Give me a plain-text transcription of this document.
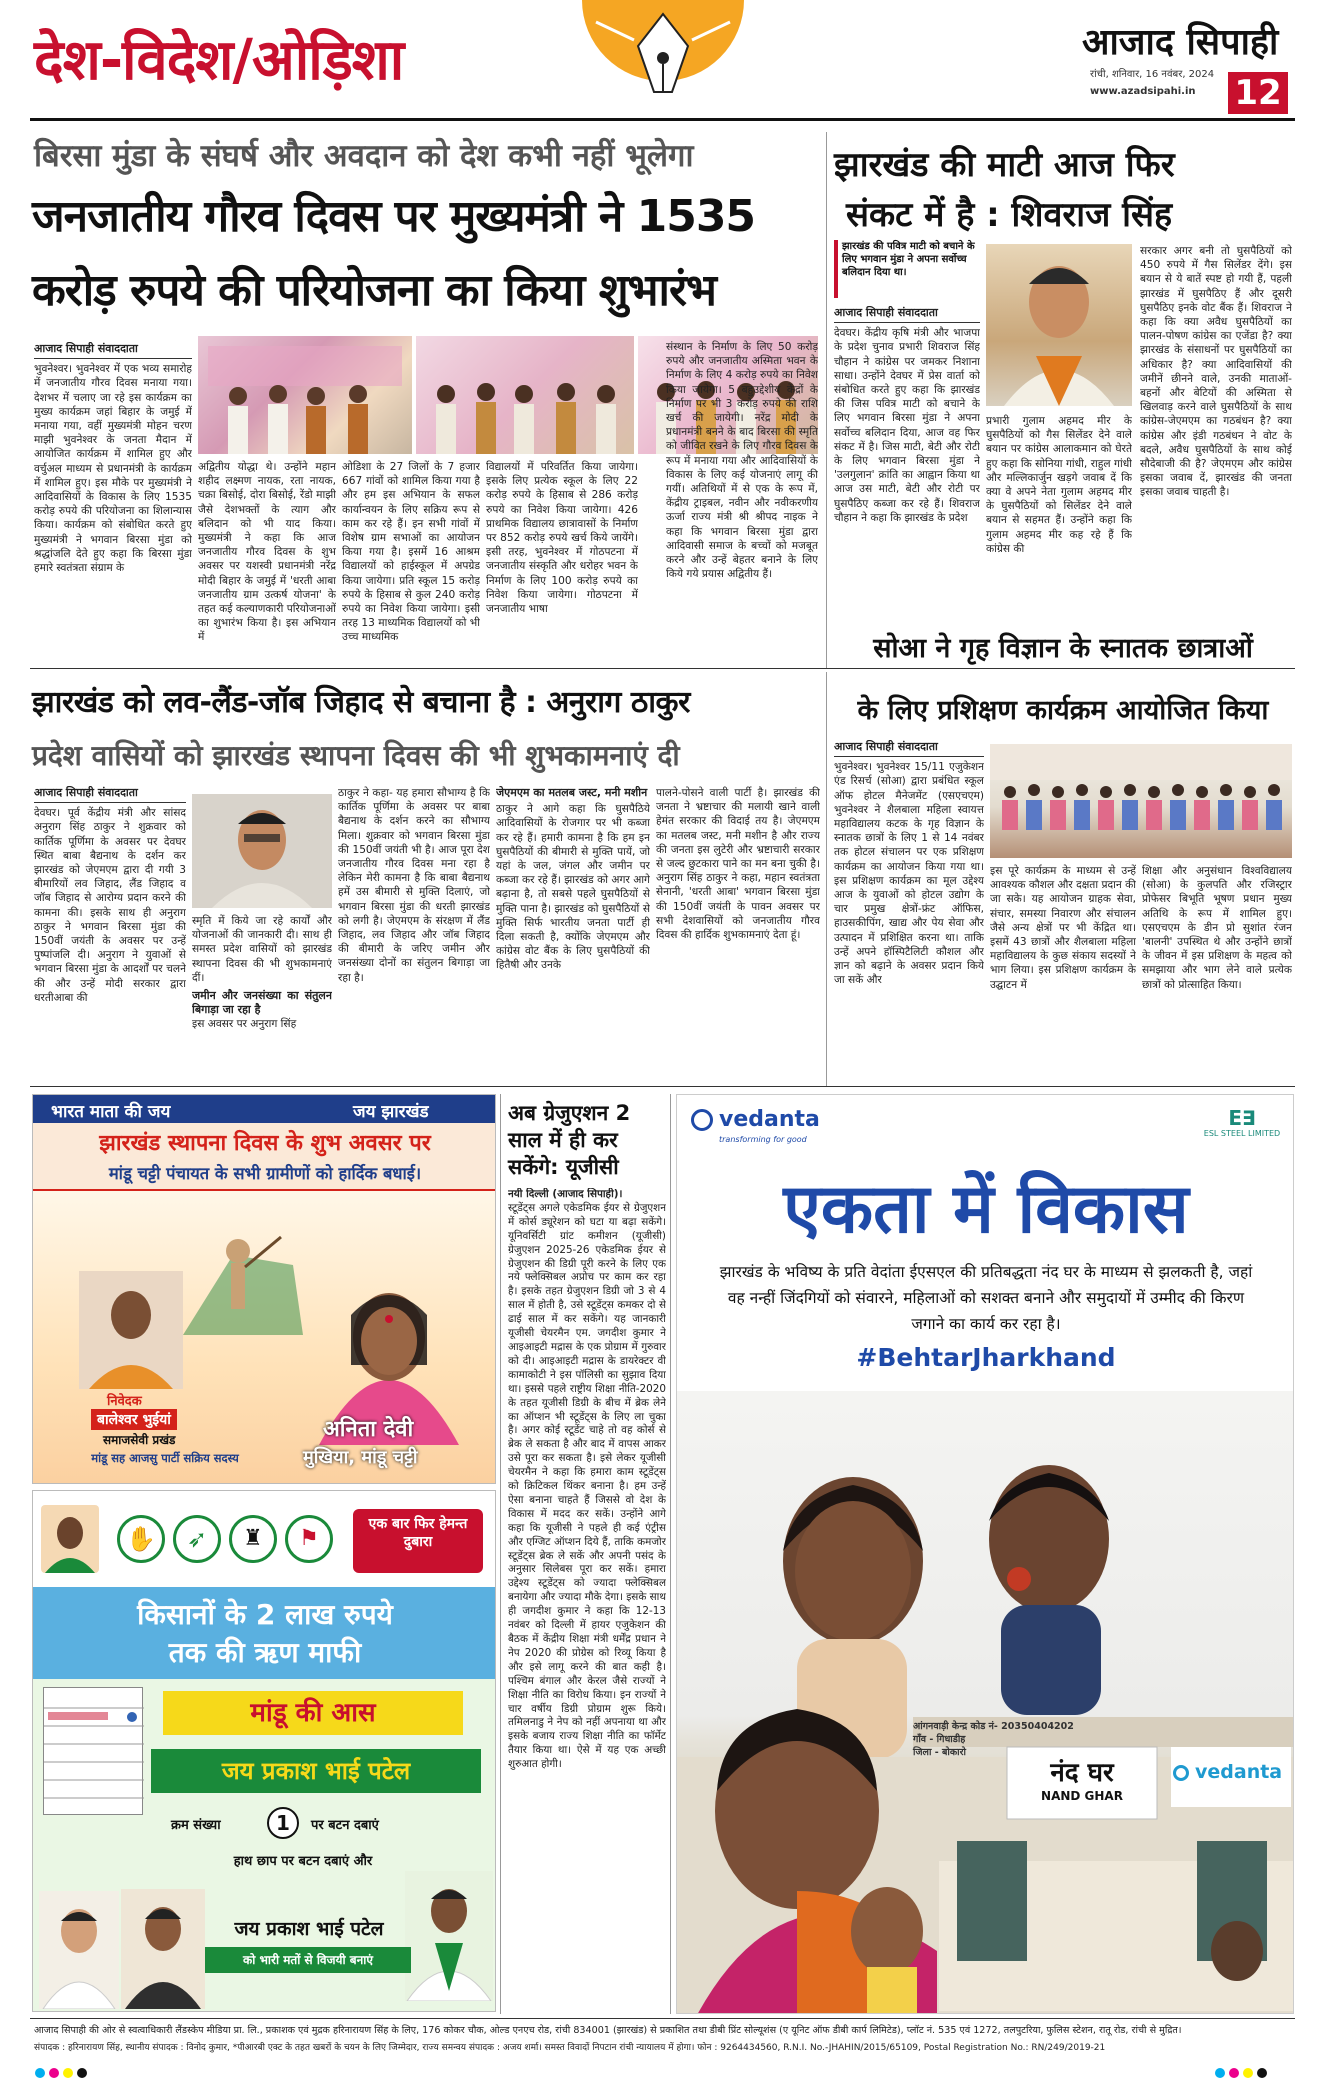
देश-विदेश/ओड़िशा	आजाद सिपाही
रांची, शनिवार, 16 नवंबर, 2024
www.azadsipahi.in 12
बिरसा मुंडा के संघर्ष और अवदान को देश कभी नहीं भूलेगा
जनजातीय गौरव दिवस पर मुख्यमंत्री ने 1535
करोड़ रुपये की परियोजना का किया शुभारंभ
आजाद सिपाही संवाददाता
भुवनेश्वर। भुवनेश्वर में एक भव्य समारोह में जनजातीय गौरव दिवस मनाया गया। देशभर में चलाए जा रहे इस कार्यक्रम का मुख्य कार्यक्रम जहां बिहार के जमुई में मनाया गया, वहीं मुख्यमंत्री मोहन चरण माझी भुवनेश्वर के जनता मैदान में आयोजित कार्यक्रम में शामिल हुए और वर्चुअल माध्यम से प्रधानमंत्री के कार्यक्रम में शामिल हुए। इस मौके पर मुख्यमंत्री ने आदिवासियों के विकास के लिए 1535 करोड़ रुपये की परियोजना का शिलान्यास किया। कार्यक्रम को संबोधित करते हुए मुख्यमंत्री ने भगवान बिरसा मुंडा को श्रद्धांजलि देते हुए कहा कि बिरसा मुंडा हमारे स्वतंत्रता संग्राम के
अद्वितीय योद्धा थे। उन्होंने महान शहीद लक्ष्मण नायक, रता नायक, चक्रा बिसोई, दोरा बिसोई, रेंडो माझी जैसे देशभक्तों के त्याग और बलिदान को भी याद किया। मुख्यमंत्री ने कहा कि आज जनजातीय गौरव दिवस के शुभ अवसर पर यशस्वी प्रधानमंत्री नरेंद्र मोदी बिहार के जमुई में 'धरती आबा जनजातीय ग्राम उत्कर्ष योजना' के तहत कई कल्याणकारी परियोजनाओं का शुभारंभ किया है। इस अभियान में
ओडिशा के 27 जिलों के 7 हजार 667 गांवों को शामिल किया गया है और हम इस अभियान के सफल कार्यान्वयन के लिए सक्रिय रूप से काम कर रहे हैं। इन सभी गांवों में विशेष ग्राम सभाओं का आयोजन किया गया है। इसमें 16 आश्रम विद्यालयों को हाईस्कूल में अपग्रेड किया जायेगा। प्रति स्कूल 15 करोड़ रुपये के हिसाब से कुल 240 करोड़ रुपये का निवेश किया जायेगा। इसी तरह 13 माध्यमिक विद्यालयों को भी उच्च माध्यमिक
विद्यालयों में परिवर्तित किया जायेगा। इसके लिए प्रत्येक स्कूल के लिए 22 करोड़ रुपये के हिसाब से 286 करोड़ रुपये का निवेश किया जायेगा। 426 प्राथमिक विद्यालय छात्रावासों के निर्माण पर 852 करोड़ रुपये खर्च किये जायेंगे। इसी तरह, भुवनेश्वर में गोठपटना में जनजातीय संस्कृति और धरोहर भवन के निर्माण के लिए 100 करोड़ रुपये का निवेश किया जायेगा। गोठपटना में जनजातीय भाषा
संस्थान के निर्माण के लिए 50 करोड़ रुपये और जनजातीय अस्मिता भवन के निर्माण के लिए 4 करोड़ रुपये का निवेश किया जायेगा। 5 बहुउद्देशीय केंद्रों के निर्माण पर भी 3 करोड़ रुपये की राशि खर्च की जायेगी। नरेंद्र मोदी के प्रधानमंत्री बनने के बाद बिरसा की स्मृति को जीवित रखने के लिए गौरव दिवस के रूप में मनाया गया और आदिवासियों के विकास के लिए कई योजनाएं लागू की गयीं। अतिथियों में से एक के रूप में, केंद्रीय ट्राइबल, नवीन और नवीकरणीय ऊर्जा राज्य मंत्री श्री श्रीपद नाइक ने कहा कि भगवान बिरसा मुंडा द्वारा आदिवासी समाज के बच्चों को मजबूत करने और उन्हें बेहतर बनाने के लिए किये गये प्रयास अद्वितीय हैं।
झारखंड की माटी आज फिर
संकट में है : शिवराज सिंह
झारखंड की पवित्र माटी को बचाने के लिए भगवान मुंडा ने अपना सर्वोच्च बलिदान दिया था।
आजाद सिपाही संवाददाता
देवघर। केंद्रीय कृषि मंत्री और भाजपा के प्रदेश चुनाव प्रभारी शिवराज सिंह चौहान ने कांग्रेस पर जमकर निशाना साधा। उन्होंने देवघर में प्रेस वार्ता को संबोधित करते हुए कहा कि झारखंड की जिस पवित्र माटी को बचाने के लिए भगवान बिरसा मुंडा ने अपना सर्वोच्च बलिदान दिया, आज वह फिर संकट में है। जिस माटी, बेटी और रोटी के लिए भगवान बिरसा मुंडा ने 'उलगुलान' क्रांति का आह्वान किया था आज उस माटी, बेटी और रोटी पर घुसपैठिए कब्जा कर रहे हैं। शिवराज चौहान ने कहा कि झारखंड के प्रदेश
प्रभारी गुलाम अहमद मीर के घुसपैठियों को गैस सिलेंडर देने वाले बयान पर कांग्रेस आलाकमान को घेरते हुए कहा कि सोनिया गांधी, राहुल गांधी और मल्लिकार्जुन खड़गे जवाब दें कि क्या वे अपने नेता गुलाम अहमद मीर के घुसपैठियों को सिलेंडर देने वाले बयान से सहमत हैं। उन्होंने कहा कि गुलाम अहमद मीर कह रहे हैं कि कांग्रेस की
सरकार अगर बनी तो घुसपैठियों को 450 रुपये में गैस सिलेंडर देंगे। इस बयान से ये बातें स्पष्ट हो गयी हैं, पहली झारखंड में घुसपैठिए हैं और दूसरी घुसपैठिए इनके वोट बैंक हैं। शिवराज ने कहा कि क्या अवैध घुसपैठियों का पालन-पोषण कांग्रेस का एजेंडा है? क्या झारखंड के संसाधनों पर घुसपैठियों का अधिकार है? क्या आदिवासियों की जमीनें छीनने वाले, उनकी माताओं-बहनों और बेटियों की अस्मिता से खिलवाड़ करने वाले घुसपैठियों के साथ कांग्रेस-जेएमएम का गठबंधन है? क्या कांग्रेस और इंडी गठबंधन ने वोट के बदले, अवैध घुसपैठियों के साथ कोई सौदेबाजी की है? जेएमएम और कांग्रेस इसका जवाब दें, झारखंड की जनता इसका जवाब चाहती है।
झारखंड को लव-लैंड-जॉब जिहाद से बचाना है : अनुराग ठाकुर
प्रदेश वासियों को झारखंड स्थापना दिवस की भी शुभकामनाएं दी
आजाद सिपाही संवाददाता
देवघर। पूर्व केंद्रीय मंत्री और सांसद अनुराग सिंह ठाकुर ने शुक्रवार को कार्तिक पूर्णिमा के अवसर पर देवघर स्थित बाबा बैद्यनाथ के दर्शन कर झारखंड को जेएमएम द्वारा दी गयी 3 बीमारियों लव जिहाद, लैंड जिहाद व जॉब जिहाद से आरोग्य प्रदान करने की कामना की। इसके साथ ही अनुराग ठाकुर ने भगवान बिरसा मुंडा की 150वीं जयंती के अवसर पर उन्हें पुष्पांजलि दी। अनुराग ने युवाओं से भगवान बिरसा मुंडा के आदर्शों पर चलने की और उन्हें मोदी सरकार द्वारा धरतीआबा की
स्मृति में किये जा रहे कार्यों और योजनाओं की जानकारी दी। साथ ही समस्त प्रदेश वासियों को झारखंड स्थापना दिवस की भी शुभकामनाएं दीं।
जमीन और जनसंख्या का संतुलन बिगाड़ा जा रहा है
इस अवसर पर अनुराग सिंह
ठाकुर ने कहा- यह हमारा सौभाग्य है कि कार्तिक पूर्णिमा के अवसर पर बाबा बैद्यनाथ के दर्शन करने का सौभाग्य मिला। शुक्रवार को भगवान बिरसा मुंडा की 150वीं जयंती भी है। आज पूरा देश जनजातीय गौरव दिवस मना रहा है लेकिन मेरी कामना है कि बाबा बैद्यनाथ हमें उस बीमारी से मुक्ति दिलाएं, जो भगवान बिरसा मुंडा की धरती झारखंड को लगी है। जेएमएम के संरक्षण में लैंड जिहाद, लव जिहाद और जॉब जिहाद की बीमारी के जरिए जमीन और जनसंख्या दोनों का संतुलन बिगाड़ा जा रहा है।
जेएमएम का मतलब जस्ट, मनी मशीन
ठाकुर ने आगे कहा कि घुसपैठिये आदिवासियों के रोजगार पर भी कब्जा कर रहे हैं। हमारी कामना है कि हम इन घुसपैठियों की बीमारी से मुक्ति पायें, जो यहां के जल, जंगल और जमीन पर कब्जा कर रहे हैं। झारखंड को अगर आगे बढ़ाना है, तो सबसे पहले घुसपैठियों से मुक्ति पाना है। झारखंड को घुसपैठियों से मुक्ति सिर्फ भारतीय जनता पार्टी ही दिला सकती है, क्योंकि जेएमएम और कांग्रेस वोट बैंक के लिए घुसपैठियों की हितैषी और उनके
पालने-पोसने वाली पार्टी है। झारखंड की जनता ने भ्रष्टाचार की मलायी खाने वाली हेमंत सरकार की विदाई तय है। जेएमएम का मतलब जस्ट, मनी मशीन है और राज्य की जनता इस लुटेरी और भ्रष्टाचारी सरकार से जल्द छुटकारा पाने का मन बना चुकी है। अनुराग सिंह ठाकुर ने कहा, महान स्वतंत्रता सेनानी, 'धरती आबा' भगवान बिरसा मुंडा की 150वीं जयंती के पावन अवसर पर सभी देशवासियों को जनजातीय गौरव दिवस की हार्दिक शुभकामनाएं देता हूं।
सोआ ने गृह विज्ञान के स्नातक छात्राओं
के लिए प्रशिक्षण कार्यक्रम आयोजित किया
आजाद सिपाही संवाददाता
भुवनेश्वर। भुवनेश्वर 15/11 एजुकेशन एंड रिसर्च (सोआ) द्वारा प्रबंधित स्कूल ऑफ होटल मैनेजमेंट (एसएचएम) भुवनेश्वर ने शैलबाला महिला स्वायत्त महाविद्यालय कटक के गृह विज्ञान के स्नातक छात्रों के लिए 1 से 14 नवंबर तक होटल संचालन पर एक प्रशिक्षण कार्यक्रम का आयोजन किया गया था। इस प्रशिक्षण कार्यक्रम का मूल उद्देश्य आज के युवाओं को होटल उद्योग के चार प्रमुख क्षेत्रों-फ्रंट ऑफिस, हाउसकीपिंग, खाद्य और पेय सेवा और उत्पादन में प्रशिक्षित करना था। ताकि उन्हें अपने हॉस्पिटैलिटी कौशल और ज्ञान को बढ़ाने के अवसर प्रदान किये जा सकें और
इस पूरे कार्यक्रम के माध्यम से उन्हें आवश्यक कौशल और दक्षता प्रदान की जा सके। यह आयोजन ग्राहक सेवा, संचार, समस्या निवारण और संचालन जैसे अन्य क्षेत्रों पर भी केंद्रित था। इसमें 43 छात्रों और शैलबाला महिला महाविद्यालय के कुछ संकाय सदस्यों ने भाग लिया। इस प्रशिक्षण कार्यक्रम के उद्घाटन में
शिक्षा और अनुसंधान विश्वविद्यालय (सोआ) के कुलपति और रजिस्ट्रार प्रोफेसर बिभूति भूषण प्रधान मुख्य अतिथि के रूप में शामिल हुए। एसएचएम के डीन प्रो सुशांत रंजन 'बालनी' उपस्थित थे और उन्होंने छात्रों के जीवन में इस प्रशिक्षण के महत्व को समझाया और भाग लेने वाले प्रत्येक छात्रों को प्रोत्साहित किया।
भारत माता की जय	जय झारखंड
झारखंड स्थापना दिवस के शुभ अवसर पर
मांडू चट्टी पंचायत के सभी ग्रामीणों को हार्दिक बधाई।
निवेदक
बालेश्वर भुईयां
समाजसेवी प्रखंड
मांडू सह आजसु पार्टी सक्रिय सदस्य
अनिता देवी
मुखिया, मांडू चट्टी
✋	➶	♜	⚑
एक बार फिर हेमन्त दुबारा
किसानों के 2 लाख रुपये
तक की ऋण माफी
मांडू की आस
जय प्रकाश भाई पटेल
क्रम संख्या	1	पर बटन दबाएं
हाथ छाप पर बटन दबाएं और
जय प्रकाश भाई पटेल
को भारी मतों से विजयी बनाएं
अब ग्रेजुएशन 2 साल में ही कर सकेंगे: यूजीसी
नयी दिल्ली (आजाद सिपाही)।
स्टूडेंट्स अगले एकेडमिक ईयर से ग्रेजुएशन में कोर्स ड्यूरेशन को घटा या बढ़ा सकेंगे। यूनिवर्सिटी ग्रांट कमीशन (यूजीसी) ग्रेजुएशन 2025-26 एकेडमिक ईयर से ग्रेजुएशन की डिग्री पूरी करने के लिए एक नये फ्लेक्सिबल अप्रोच पर काम कर रहा है। इसके तहत ग्रेजुएशन डिग्री जो 3 से 4 साल में होती है, उसे स्टूडेंट्स कमकर दो से ढाई साल में कर सकेंगे। यह जानकारी यूजीसी चेयरमैन एम. जगदीश कुमार ने आइआइटी मद्रास के एक प्रोग्राम में गुरुवार को दी। आइआइटी मद्रास के डायरेक्टर वी कामाकोटी ने इस पॉलिसी का सुझाव दिया था। इससे पहले राष्ट्रीय शिक्षा नीति-2020 के तहत यूजीसी डिग्री के बीच में ब्रेक लेने का ऑप्शन भी स्टूडेंट्स के लिए ला चुका है। अगर कोई स्टूडेंट चाहे तो वह कोर्स से ब्रेक ले सकता है और बाद में वापस आकर उसे पूरा कर सकता है। इसे लेकर यूजीसी चेयरमैन ने कहा कि हमारा काम स्टूडेंट्स को क्रिटिकल थिंकर बनाना है। हम उन्हें ऐसा बनाना चाहते हैं जिससे वो देश के विकास में मदद कर सकें। उन्होंने आगे कहा कि यूजीसी ने पहले ही कई एंट्रीस और एग्जिट ऑप्शन दिये हैं, ताकि कमजोर स्टूडेंट्स ब्रेक ले सकें और अपनी पसंद के अनुसार सिलेबस पूरा कर सकें। हमारा उद्देश्य स्टूडेंट्स को ज्यादा फ्लेक्सिबल बनायेगा और ज्यादा मौके देगा। इसके साथ ही जगदीश कुमार ने कहा कि 12-13 नवंबर को दिल्ली में हायर एजुकेशन की बैठक में केंद्रीय शिक्षा मंत्री धर्मेंद्र प्रधान ने नेप 2020 की प्रोग्रेस को रिव्यू किया है और इसे लागू करने की बात कही है। पश्चिम बंगाल और केरल जैसे राज्यों ने शिक्षा नीति का विरोध किया। इन राज्यों ने चार वर्षीय डिग्री प्रोग्राम शुरू किये। तमिलनाडु ने नेप को नहीं अपनाया था और इसके बजाय राज्य शिक्षा नीति का फॉर्मेट तैयार किया था। ऐसे में यह एक अच्छी शुरुआत होगी।
vedanta
transforming for good
E∃
ESL STEEL LIMITED
एकता में विकास
झारखंड के भविष्य के प्रति वेदांता ईएसएल की प्रतिबद्धता नंद घर के माध्यम से झलकती है, जहां वह नन्हीं जिंदगियों को संवारने, महिलाओं को सशक्त बनाने और समुदायों में उम्मीद की किरण जगाने का कार्य कर रहा है।
#BehtarJharkhand
आंगनवाड़ी केन्द्र कोड नं- 20350404202
गाँव - गिधाडीह
जिला - बोकारो
नंद घर
NAND GHAR
vedanta
आजाद सिपाही की ओर से स्वत्वाधिकारी लैंडस्केप मीडिया प्रा. लि., प्रकाशक एवं मुद्रक हरिनारायण सिंह के लिए, 176 कोकर चौक, ओल्ड एनएच रोड, रांची 834001 (झारखंड) से प्रकाशित तथा डीबी प्रिंट सोल्यूशंस (ए यूनिट ऑफ डीबी कार्प लिमिटेड), प्लॉट नं. 535 एवं 1272, तलपुटरिया, फुलिस स्टेशन, रातू रोड, रांची से मुद्रित।
संपादक : हरिनारायण सिंह, स्थानीय संपादक : विनोद कुमार, *पीआरबी एक्ट के तहत खबरों के चयन के लिए जिम्मेदार, राज्य समन्वय संपादक : अजय शर्मा। समस्त विवादों निपटान रांची न्यायालय में होगा। फोन : 9264434560, R.N.I. No.-JHAHIN/2015/65109, Postal Registration No.: RN/249/2019-21
